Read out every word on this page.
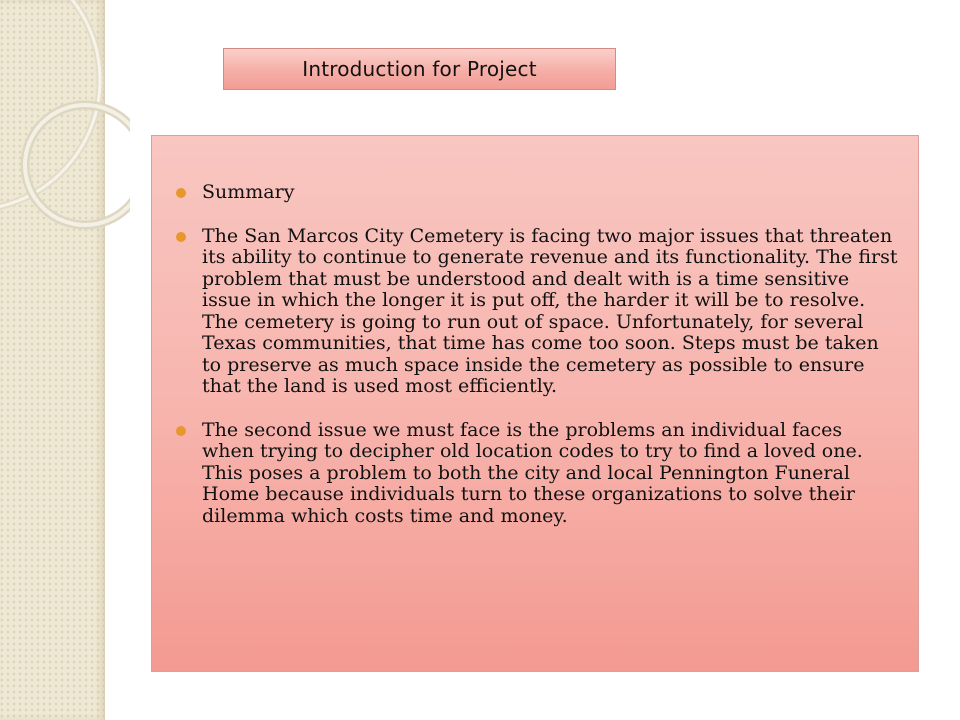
Introduction for Project
Summary
The San Marcos City Cemetery is facing two major issues that threaten its ability to continue to generate revenue and its functionality. The first problem that must be understood and dealt with is a time sensitive issue in which the longer it is put off, the harder it will be to resolve. The cemetery is going to run out of space. Unfortunately, for several Texas communities, that time has come too soon. Steps must be taken to preserve as much space inside the cemetery as possible to ensure that the land is used most efficiently.
The second issue we must face is the problems an individual faces when trying to decipher old location codes to try to find a loved one. This poses a problem to both the city and local Pennington Funeral Home because individuals turn to these organizations to solve their dilemma which costs time and money.
